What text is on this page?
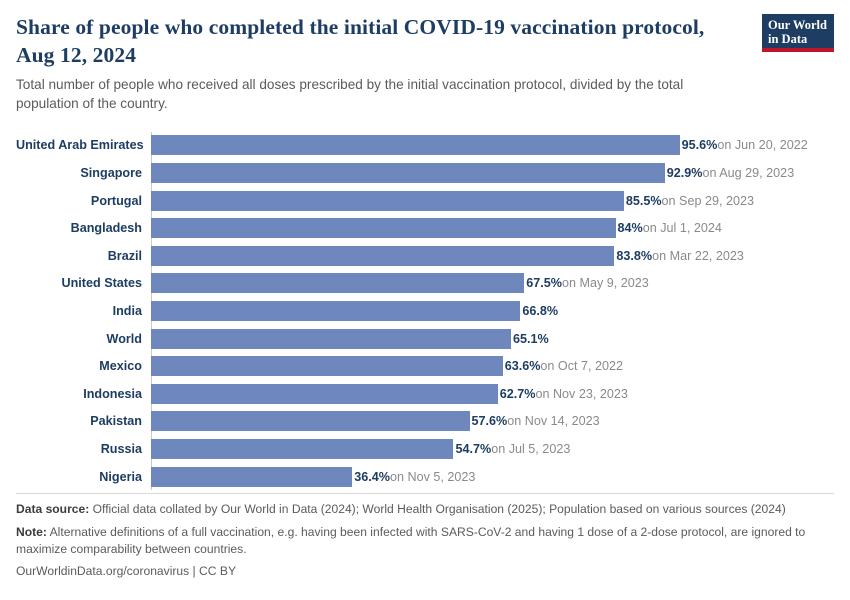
Share of people who completed the initial COVID-19 vaccination protocol, Aug 12, 2024

Total number of people who received all doses prescribed by the initial vaccination protocol, divided by the total population of the country.

Our World
in Data
United Arab Emirates	95.6%on Jun 20, 2022
Singapore	92.9%on Aug 29, 2023
Portugal	85.5%on Sep 29, 2023
Bangladesh	84%on Jul 1, 2024
Brazil	83.8%on Mar 22, 2023
United States	67.5%on May 9, 2023
India	66.8%
World	65.1%
Mexico	63.6%on Oct 7, 2022
Indonesia	62.7%on Nov 23, 2023
Pakistan	57.6%on Nov 14, 2023
Russia	54.7%on Jul 5, 2023
Nigeria	36.4%on Nov 5, 2023

Data source: Official data collated by Our World in Data (2024); World Health Organisation (2025); Population based on various sources (2024)

Note: Alternative definitions of a full vaccination, e.g. having been infected with SARS-CoV-2 and having 1 dose of a 2-dose protocol, are ignored to maximize comparability between countries.

OurWorldinData.org/coronavirus | CC BY
